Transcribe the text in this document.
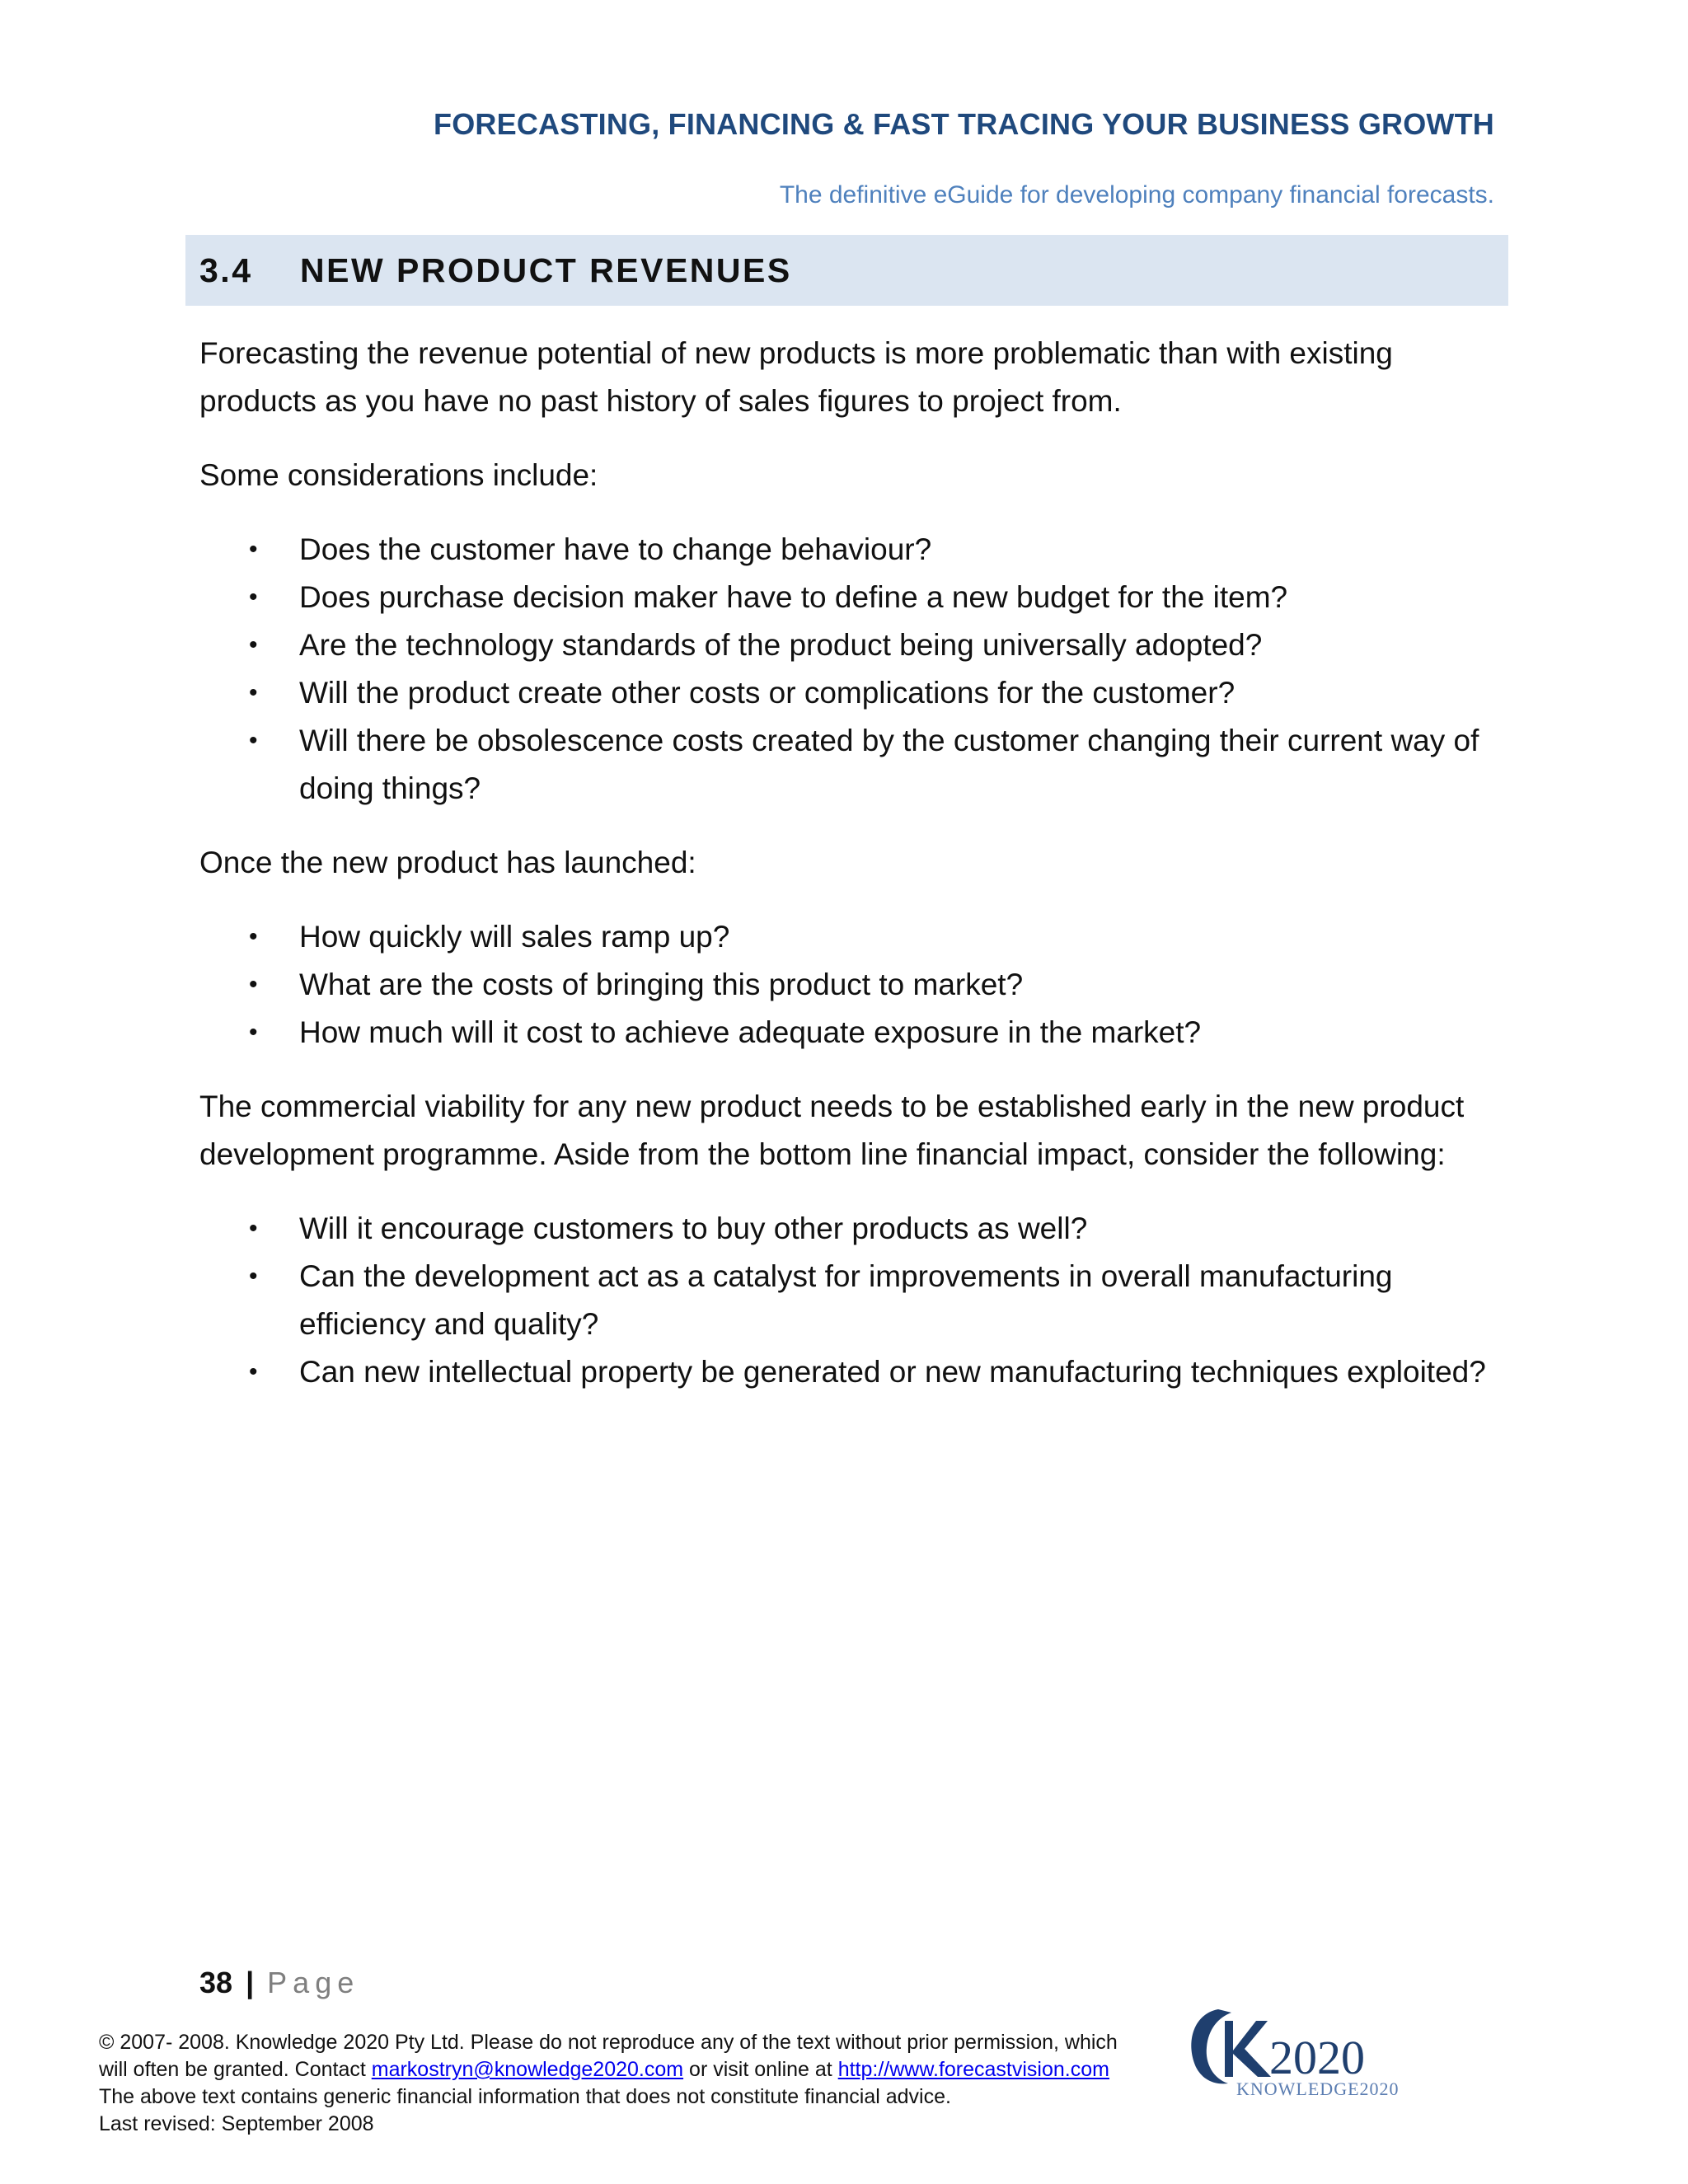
FORECASTING, FINANCING & FAST TRACING YOUR BUSINESS GROWTH
The definitive eGuide for developing company financial forecasts.
3.4	NEW PRODUCT REVENUES

Forecasting the revenue potential of new products is more problematic than with existing products as you have no past history of sales figures to project from.

Some considerations include:

• Does the customer have to change behaviour?
• Does purchase decision maker have to define a new budget for the item?
• Are the technology standards of the product being universally adopted?
• Will the product create other costs or complications for the customer?
• Will there be obsolescence costs created by the customer changing their current way of doing things?

Once the new product has launched:

• How quickly will sales ramp up?
• What are the costs of bringing this product to market?
• How much will it cost to achieve adequate exposure in the market?

The commercial viability for any new product needs to be established early in the new product development programme. Aside from the bottom line financial impact, consider the following:

• Will it encourage customers to buy other products as well?
• Can the development act as a catalyst for improvements in overall manufacturing efficiency and quality?
• Can new intellectual property be generated or new manufacturing techniques exploited?
38 | Page
© 2007- 2008. Knowledge 2020 Pty Ltd. Please do not reproduce any of the text without prior permission, which
will often be granted. Contact markostryn@knowledge2020.com or visit online at http://www.forecastvision.com
The above text contains generic financial information that does not constitute financial advice.
Last revised: September 2008
2020
KNOWLEDGE2020
